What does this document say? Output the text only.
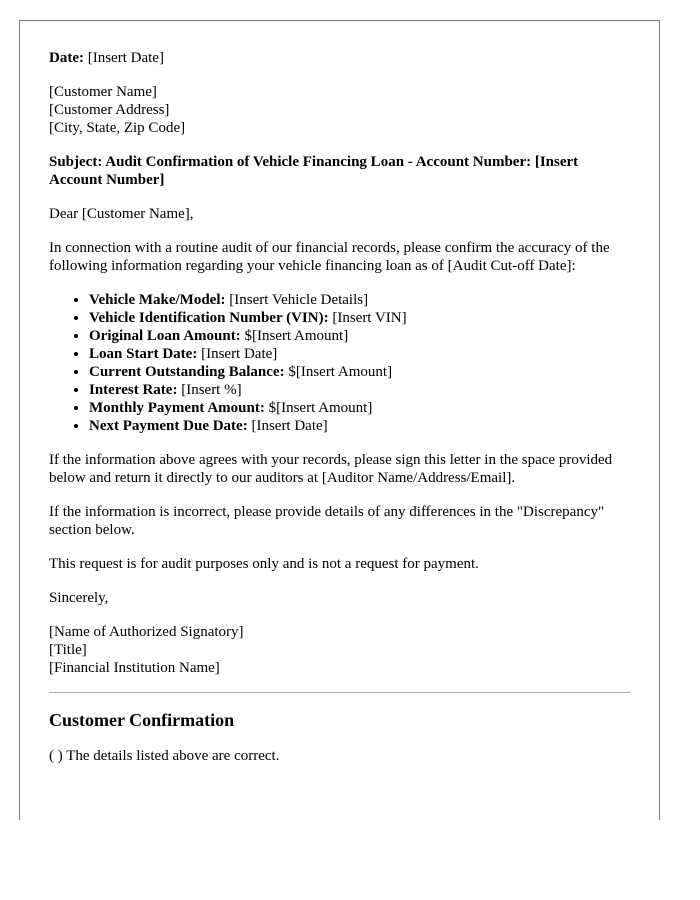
Date: [Insert Date]

[Customer Name]
[Customer Address]
[City, State, Zip Code]

Subject: Audit Confirmation of Vehicle Financing Loan - Account Number: [Insert Account Number]

Dear [Customer Name],

In connection with a routine audit of our financial records, please confirm the accuracy of the following information regarding your vehicle financing loan as of [Audit Cut-off Date]:

• Vehicle Make/Model: [Insert Vehicle Details]
• Vehicle Identification Number (VIN): [Insert VIN]
• Original Loan Amount: $[Insert Amount]
• Loan Start Date: [Insert Date]
• Current Outstanding Balance: $[Insert Amount]
• Interest Rate: [Insert %]
• Monthly Payment Amount: $[Insert Amount]
• Next Payment Due Date: [Insert Date]

If the information above agrees with your records, please sign this letter in the space provided below and return it directly to our auditors at [Auditor Name/Address/Email].

If the information is incorrect, please provide details of any differences in the "Discrepancy" section below.

This request is for audit purposes only and is not a request for payment.

Sincerely,

[Name of Authorized Signatory]
[Title]
[Financial Institution Name]
Customer Confirmation

( ) The details listed above are correct.
